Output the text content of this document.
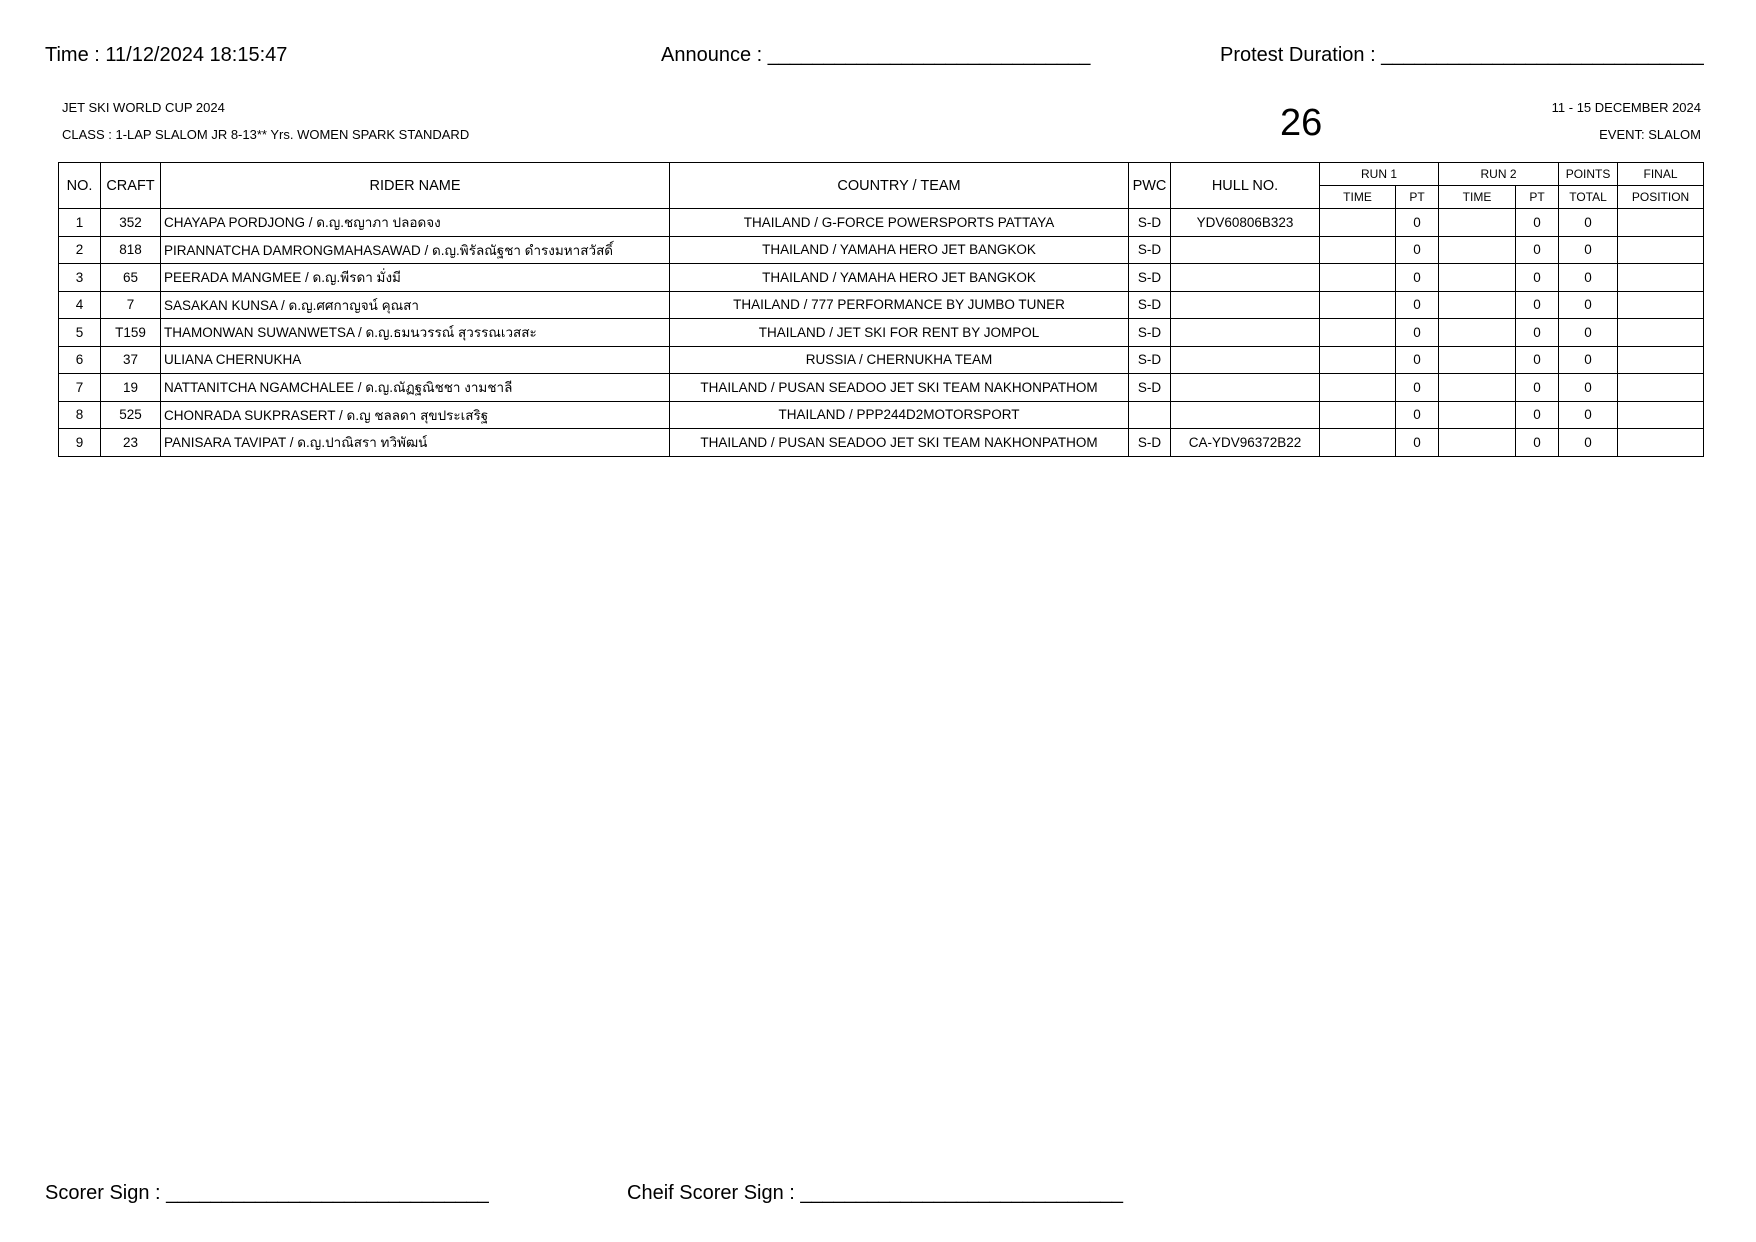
Time : 11/12/2024 18:15:47	Announce : _____________________________	Protest Duration : _____________________________
JET SKI WORLD CUP 2024
CLASS : 1-LAP SLALOM JR 8-13** Yrs. WOMEN SPARK STANDARD	26	11 - 15 DECEMBER 2024
EVENT: SLALOM
NO.	CRAFT	RIDER NAME	COUNTRY / TEAM	PWC	HULL NO.	RUN 1		RUN 2		POINTS	FINAL
						TIME	PT	TIME	PT	TOTAL	POSITION
1	352	CHAYAPA PORDJONG / ด.ญ.ชญาภา ปลอดจง	THAILAND / G-FORCE POWERSPORTS PATTAYA	S-D	YDV60806B323		0		0	0	
2	818	PIRANNATCHA DAMRONGMAHASAWAD / ด.ญ.พิรัลณัฐชา ดำรงมหาสวัสดิ์	THAILAND / YAMAHA HERO JET BANGKOK	S-D			0		0	0	
3	65	PEERADA MANGMEE / ด.ญ.พีรดา มั่งมี	THAILAND / YAMAHA HERO JET BANGKOK	S-D			0		0	0	
4	7	SASAKAN KUNSA / ด.ญ.ศศกาญจน์ คุณสา	THAILAND / 777 PERFORMANCE BY JUMBO TUNER	S-D			0		0	0	
5	T159	THAMONWAN SUWANWETSA / ด.ญ.ธมนวรรณ์ สุวรรณเวสสะ	THAILAND / JET SKI FOR RENT BY JOMPOL	S-D			0		0	0	
6	37	ULIANA CHERNUKHA	RUSSIA / CHERNUKHA TEAM	S-D			0		0	0	
7	19	NATTANITCHA NGAMCHALEE / ด.ญ.ณัฏฐณิชชา งามชาลี	THAILAND / PUSAN SEADOO JET SKI TEAM NAKHONPATHOM	S-D			0		0	0	
8	525	CHONRADA SUKPRASERT / ด.ญ ชลลดา สุขประเสริฐ	THAILAND / PPP244D2MOTORSPORT				0		0	0	
9	23	PANISARA TAVIPAT / ด.ญ.ปาณิสรา ทวิพัฒน์	THAILAND / PUSAN SEADOO JET SKI TEAM NAKHONPATHOM	S-D	CA-YDV96372B22		0		0	0	
Scorer Sign : _____________________________	Cheif Scorer Sign : _____________________________
